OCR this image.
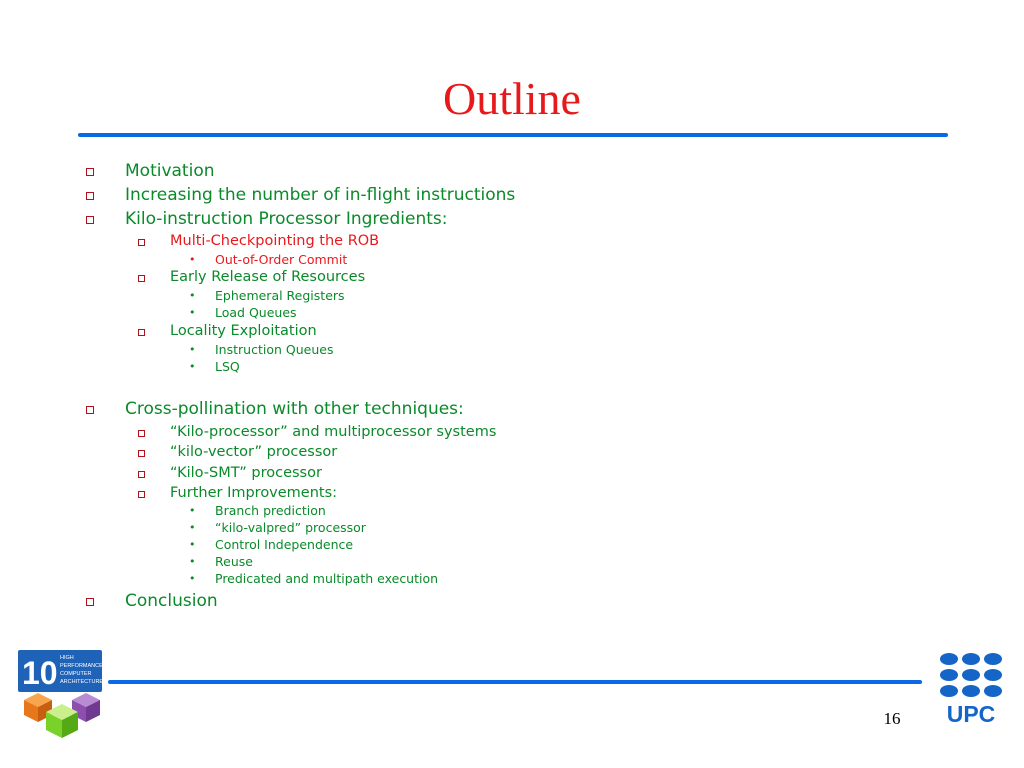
Outline
Motivation
Increasing the number of in-flight instructions
Kilo-instruction Processor Ingredients:
Multi-Checkpointing the ROB
• Out-of-Order Commit
Early Release of Resources
• Ephemeral Registers
• Load Queues
Locality Exploitation
• Instruction Queues
• LSQ
Cross-pollination with other techniques:
“Kilo-processor” and multiprocessor systems
“kilo-vector” processor
“Kilo-SMT” processor
Further Improvements:
• Branch prediction
• “kilo-valpred” processor
• Control Independence
• Reuse
• Predicated and multipath execution
Conclusion
10 HIGH
PERFORMANCE
COMPUTER
ARCHITECTURE
16	UPC
